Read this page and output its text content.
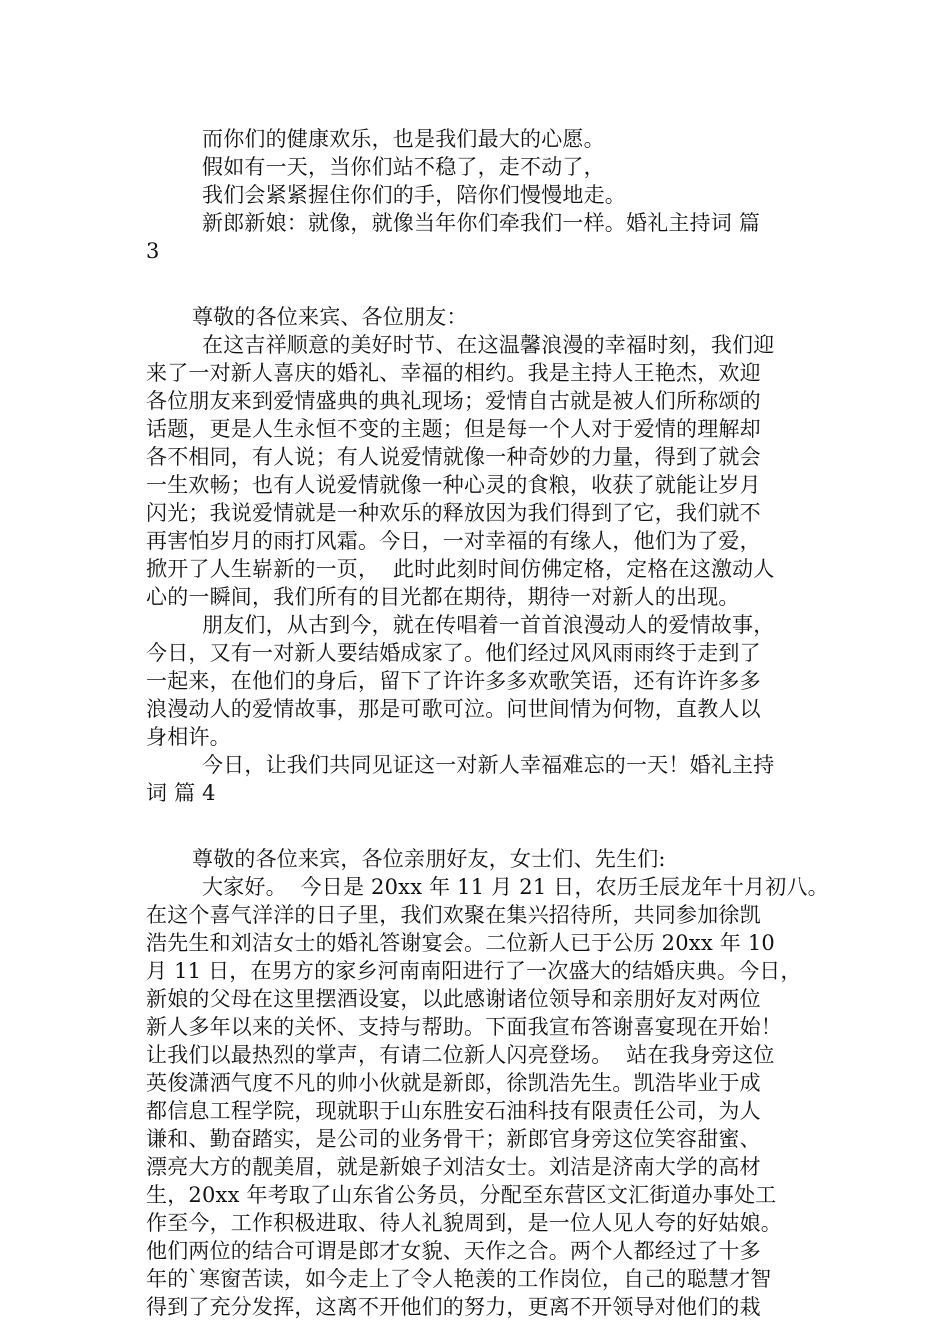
而你们的健康欢乐，也是我们最大的心愿。
假如有一天，当你们站不稳了，走不动了，
我们会紧紧握住你们的手，陪你们慢慢地走。
新郎新娘：就像，就像当年你们牵我们一样。婚礼主持词 篇
3
尊敬的各位来宾、各位朋友：
在这吉祥顺意的美好时节、在这温馨浪漫的幸福时刻，我们迎
来了一对新人喜庆的婚礼、幸福的相约。我是主持人王艳杰，欢迎
各位朋友来到爱情盛典的典礼现场；爱情自古就是被人们所称颂的
话题，更是人生永恒不变的主题；但是每一个人对于爱情的理解却
各不相同，有人说；有人说爱情就像一种奇妙的力量，得到了就会
一生欢畅；也有人说爱情就像一种心灵的食粮，收获了就能让岁月
闪光；我说爱情就是一种欢乐的释放因为我们得到了它，我们就不
再害怕岁月的雨打风霜。今日，一对幸福的有缘人，他们为了爱，
掀开了人生崭新的一页，  此时此刻时间仿佛定格，定格在这激动人
心的一瞬间，我们所有的目光都在期待，期待一对新人的出现。
朋友们，从古到今，就在传唱着一首首浪漫动人的爱情故事，
今日，又有一对新人要结婚成家了。他们经过风风雨雨终于走到了
一起来，在他们的身后，留下了许许多多欢歌笑语，还有许许多多
浪漫动人的爱情故事，那是可歌可泣。问世间情为何物，直教人以
身相许。
今日，让我们共同见证这一对新人幸福难忘的一天！婚礼主持
词 篇 4
尊敬的各位来宾，各位亲朋好友，女士们、先生们:
大家好。  今日是 20xx 年 11 月 21 日，农历壬辰龙年十月初八。
在这个喜气洋洋的日子里，我们欢聚在集兴招待所，共同参加徐凯
浩先生和刘洁女士的婚礼答谢宴会。二位新人已于公历 20xx 年 10
月 11 日，在男方的家乡河南南阳进行了一次盛大的结婚庆典。今日，
新娘的父母在这里摆酒设宴，以此感谢诸位领导和亲朋好友对两位
新人多年以来的关怀、支持与帮助。下面我宣布答谢喜宴现在开始！
让我们以最热烈的掌声，有请二位新人闪亮登场。  站在我身旁这位
英俊潇洒气度不凡的帅小伙就是新郎，徐凯浩先生。凯浩毕业于成
都信息工程学院，现就职于山东胜安石油科技有限责任公司，为人
谦和、勤奋踏实，是公司的业务骨干；新郎官身旁这位笑容甜蜜、
漂亮大方的靓美眉，就是新娘子刘洁女士。刘洁是济南大学的高材
生，20xx 年考取了山东省公务员，分配至东营区文汇街道办事处工
作至今，工作积极进取、待人礼貌周到，是一位人见人夸的好姑娘。
他们两位的结合可谓是郎才女貌、天作之合。两个人都经过了十多
年的`寒窗苦读，如今走上了令人艳羡的工作岗位，自己的聪慧才智
得到了充分发挥，这离不开他们的努力，更离不开领导对他们的栽
